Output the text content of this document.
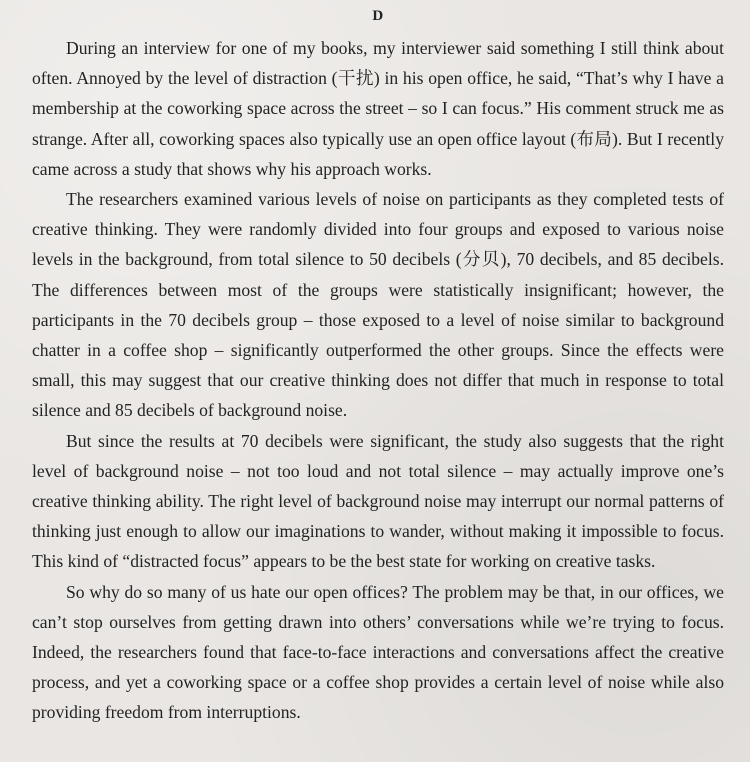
D

During an interview for one of my books, my interviewer said something I still think about often. Annoyed by the level of distraction (干扰) in his open office, he said, “That’s why I have a membership at the coworking space across the street – so I can focus.” His comment struck me as strange. After all, coworking spaces also typically use an open office layout (布局). But I recently came across a study that shows why his approach works.

The researchers examined various levels of noise on participants as they completed tests of creative thinking. They were randomly divided into four groups and exposed to various noise levels in the background, from total silence to 50 decibels (分贝), 70 decibels, and 85 decibels. The differences between most of the groups were statistically insignificant; however, the participants in the 70 decibels group – those exposed to a level of noise similar to background chatter in a coffee shop – significantly outperformed the other groups. Since the effects were small, this may suggest that our creative thinking does not differ that much in response to total silence and 85 decibels of background noise.

But since the results at 70 decibels were significant, the study also suggests that the right level of background noise – not too loud and not total silence – may actually improve one’s creative thinking ability. The right level of background noise may interrupt our normal patterns of thinking just enough to allow our imaginations to wander, without making it impossible to focus. This kind of “distracted focus” appears to be the best state for working on creative tasks.

So why do so many of us hate our open offices? The problem may be that, in our offices, we can’t stop ourselves from getting drawn into others’ conversations while we’re trying to focus. Indeed, the researchers found that face-to-face interactions and conversations affect the creative process, and yet a coworking space or a coffee shop provides a certain level of noise while also providing freedom from interruptions.
